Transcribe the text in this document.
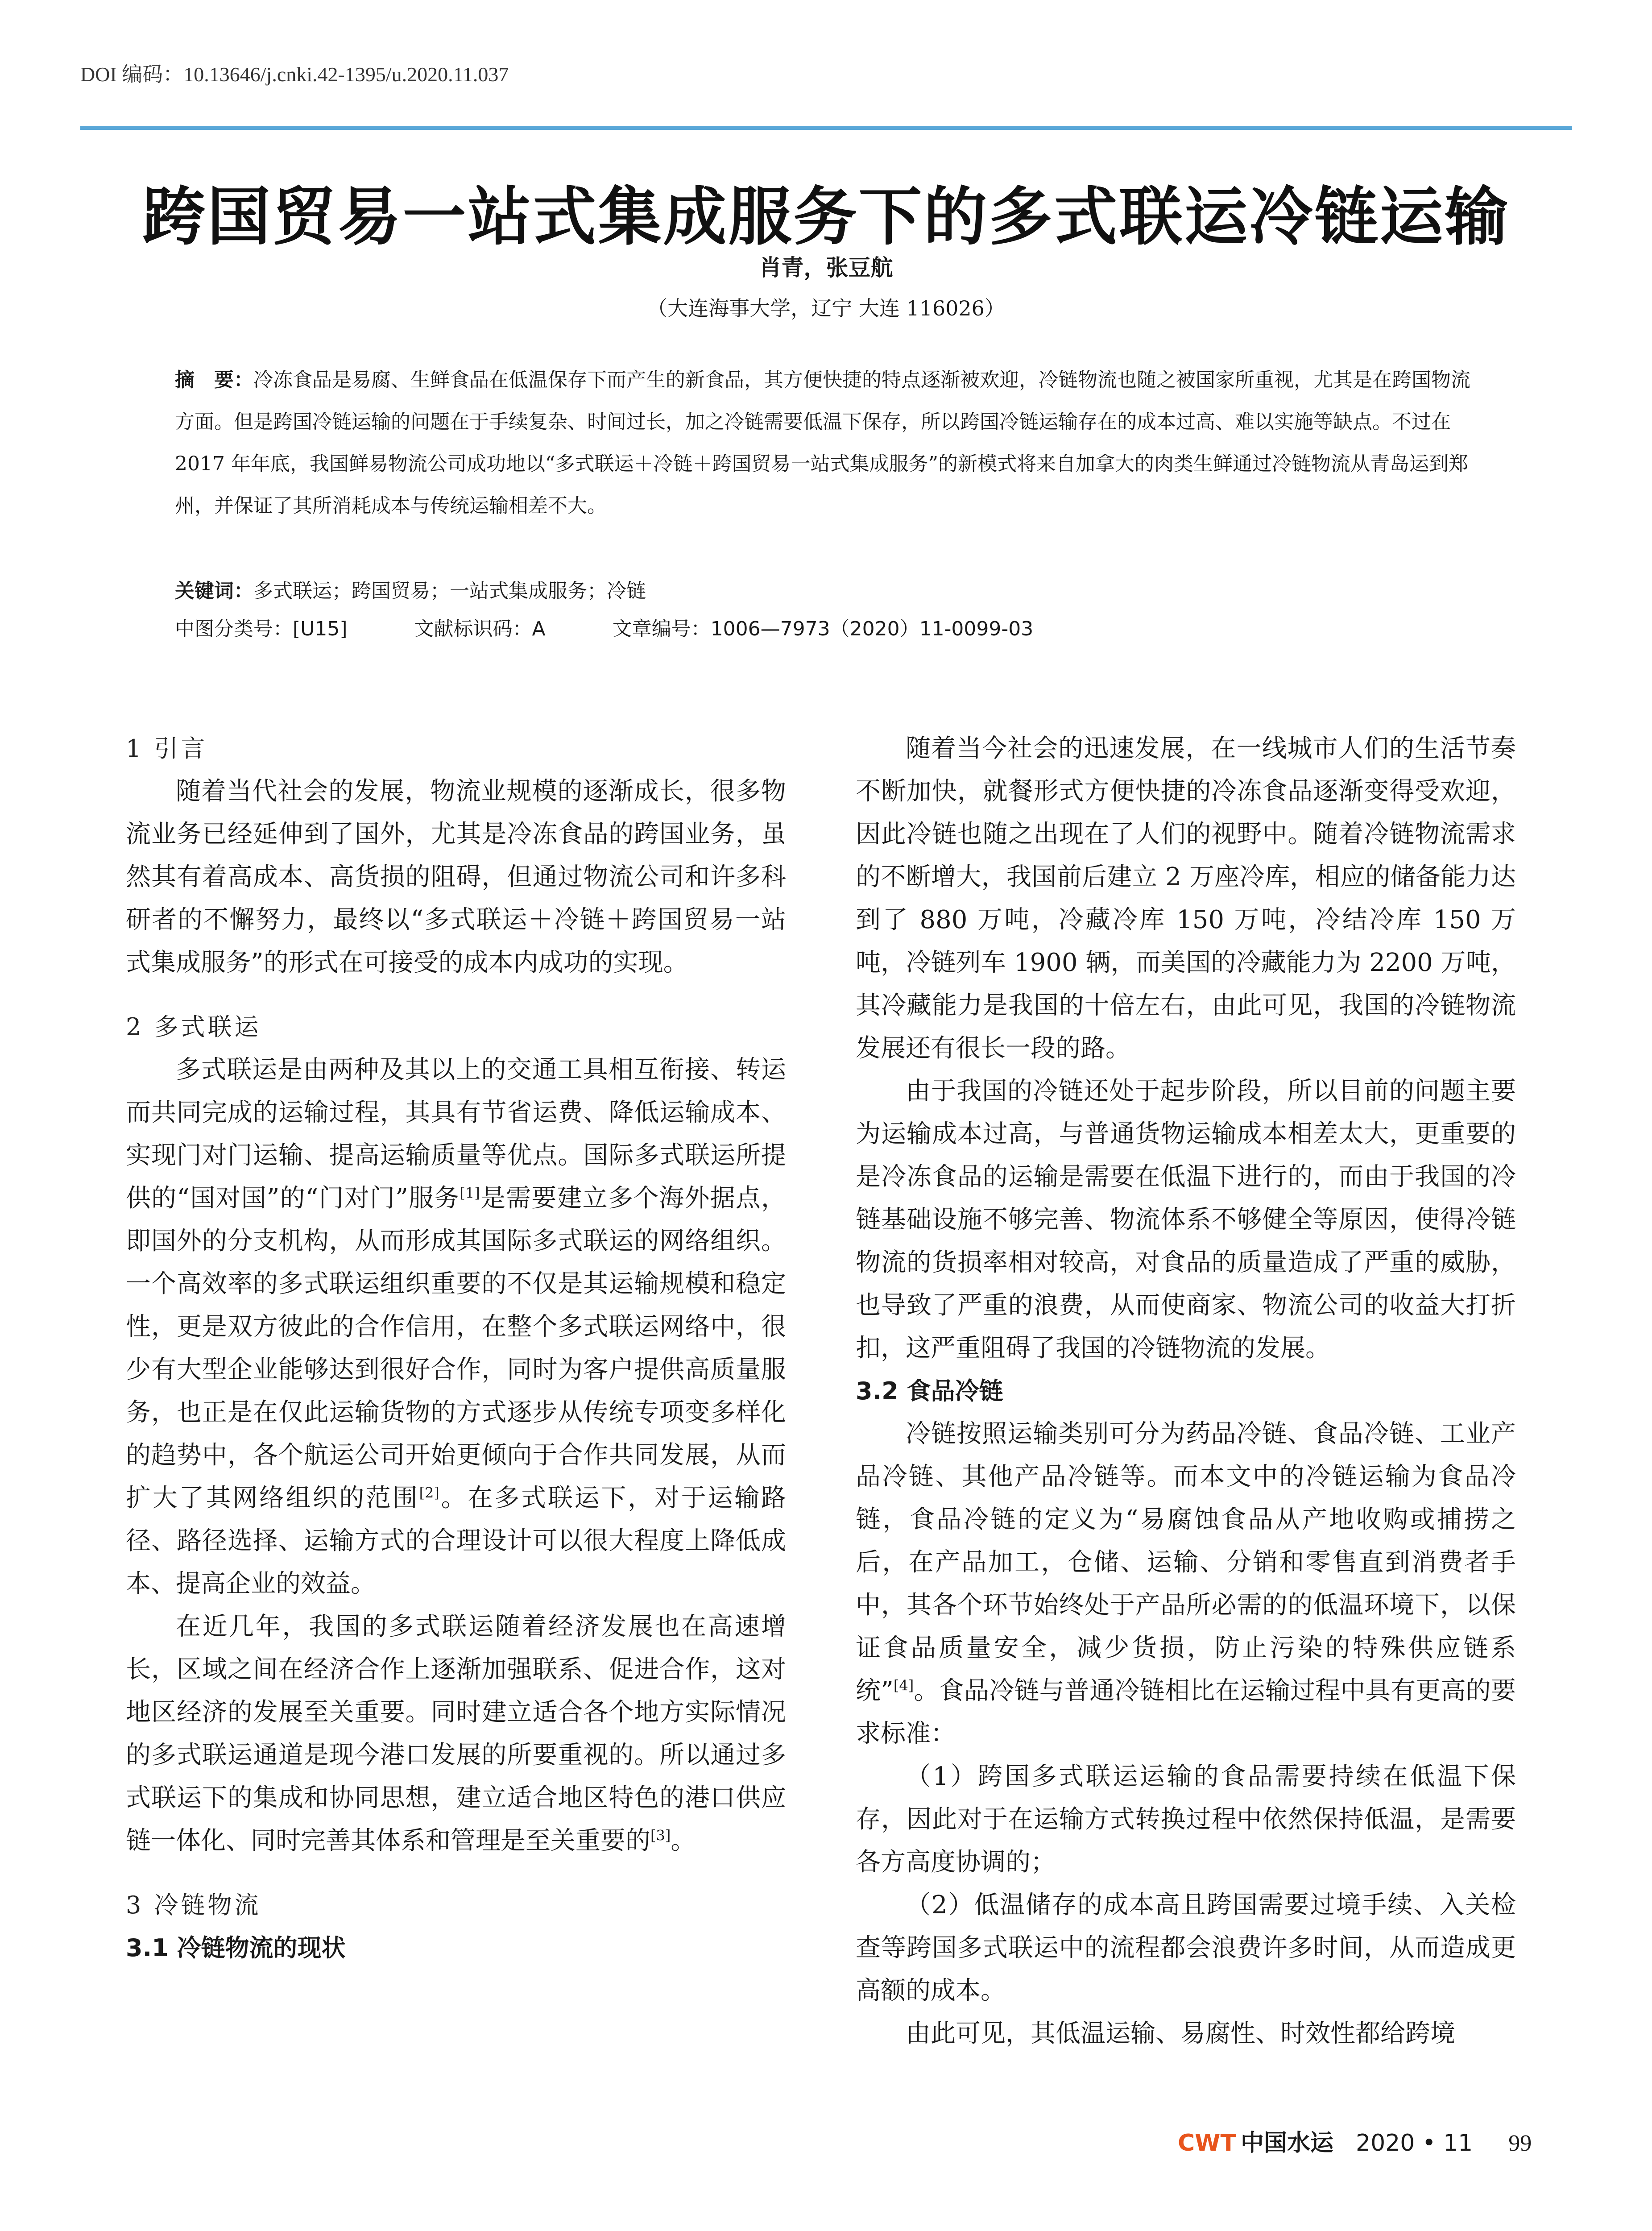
DOI 编码：10.13646/j.cnki.42-1395/u.2020.11.037
跨国贸易一站式集成服务下的多式联运冷链运输
肖青，张豆航
（大连海事大学，辽宁 大连 116026）
摘　要：冷冻食品是易腐、生鲜食品在低温保存下而产生的新食品，其方便快捷的特点逐渐被欢迎，冷链物流也随之被国家所重视，尤其是在跨国物流方面。但是跨国冷链运输的问题在于手续复杂、时间过长，加之冷链需要低温下保存，所以跨国冷链运输存在的成本过高、难以实施等缺点。不过在 2017 年年底，我国鲜易物流公司成功地以“多式联运＋冷链＋跨国贸易一站式集成服务”的新模式将来自加拿大的肉类生鲜通过冷链物流从青岛运到郑州，并保证了其所消耗成本与传统运输相差不大。
关键词：多式联运；跨国贸易；一站式集成服务；冷链
中图分类号：[U15]	文献标识码：A	文章编号：1006—7973（2020）11-0099-03

1 引言

随着当代社会的发展，物流业规模的逐渐成长，很多物流业务已经延伸到了国外，尤其是冷冻食品的跨国业务，虽然其有着高成本、高货损的阻碍，但通过物流公司和许多科研者的不懈努力，最终以“多式联运＋冷链＋跨国贸易一站式集成服务”的形式在可接受的成本内成功的实现。

2 多式联运

多式联运是由两种及其以上的交通工具相互衔接、转运而共同完成的运输过程，其具有节省运费、降低运输成本、实现门对门运输、提高运输质量等优点。国际多式联运所提供的“国对国”的“门对门”服务[1]是需要建立多个海外据点，即国外的分支机构，从而形成其国际多式联运的网络组织。一个高效率的多式联运组织重要的不仅是其运输规模和稳定性，更是双方彼此的合作信用，在整个多式联运网络中，很少有大型企业能够达到很好合作，同时为客户提供高质量服务，也正是在仅此运输货物的方式逐步从传统专项变多样化的趋势中，各个航运公司开始更倾向于合作共同发展，从而扩大了其网络组织的范围[2]。在多式联运下，对于运输路径、路径选择、运输方式的合理设计可以很大程度上降低成本、提高企业的效益。

在近几年，我国的多式联运随着经济发展也在高速增长，区域之间在经济合作上逐渐加强联系、促进合作，这对地区经济的发展至关重要。同时建立适合各个地方实际情况的多式联运通道是现今港口发展的所要重视的。所以通过多式联运下的集成和协同思想，建立适合地区特色的港口供应链一体化、同时完善其体系和管理是至关重要的[3]。

3 冷链物流

3.1 冷链物流的现状

随着当今社会的迅速发展，在一线城市人们的生活节奏不断加快，就餐形式方便快捷的冷冻食品逐渐变得受欢迎，因此冷链也随之出现在了人们的视野中。随着冷链物流需求的不断增大，我国前后建立 2 万座冷库，相应的储备能力达到了 880 万吨，冷藏冷库 150 万吨，冷结冷库 150 万吨，冷链列车 1900 辆，而美国的冷藏能力为 2200 万吨，其冷藏能力是我国的十倍左右，由此可见，我国的冷链物流发展还有很长一段的路。

由于我国的冷链还处于起步阶段，所以目前的问题主要为运输成本过高，与普通货物运输成本相差太大，更重要的是冷冻食品的运输是需要在低温下进行的，而由于我国的冷链基础设施不够完善、物流体系不够健全等原因，使得冷链物流的货损率相对较高，对食品的质量造成了严重的威胁，也导致了严重的浪费，从而使商家、物流公司的收益大打折扣，这严重阻碍了我国的冷链物流的发展。

3.2 食品冷链

冷链按照运输类别可分为药品冷链、食品冷链、工业产品冷链、其他产品冷链等。而本文中的冷链运输为食品冷链，食品冷链的定义为“易腐蚀食品从产地收购或捕捞之后，在产品加工，仓储、运输、分销和零售直到消费者手中，其各个环节始终处于产品所必需的的低温环境下，以保证食品质量安全，减少货损，防止污染的特殊供应链系统”[4]。食品冷链与普通冷链相比在运输过程中具有更高的要求标准：

（1）跨国多式联运运输的食品需要持续在低温下保存，因此对于在运输方式转换过程中依然保持低温，是需要各方高度协调的；

（2）低温储存的成本高且跨国需要过境手续、入关检查等跨国多式联运中的流程都会浪费许多时间，从而造成更高额的成本。

由此可见，其低温运输、易腐性、时效性都给跨境

CWT 中国水运 2020 • 11 99
